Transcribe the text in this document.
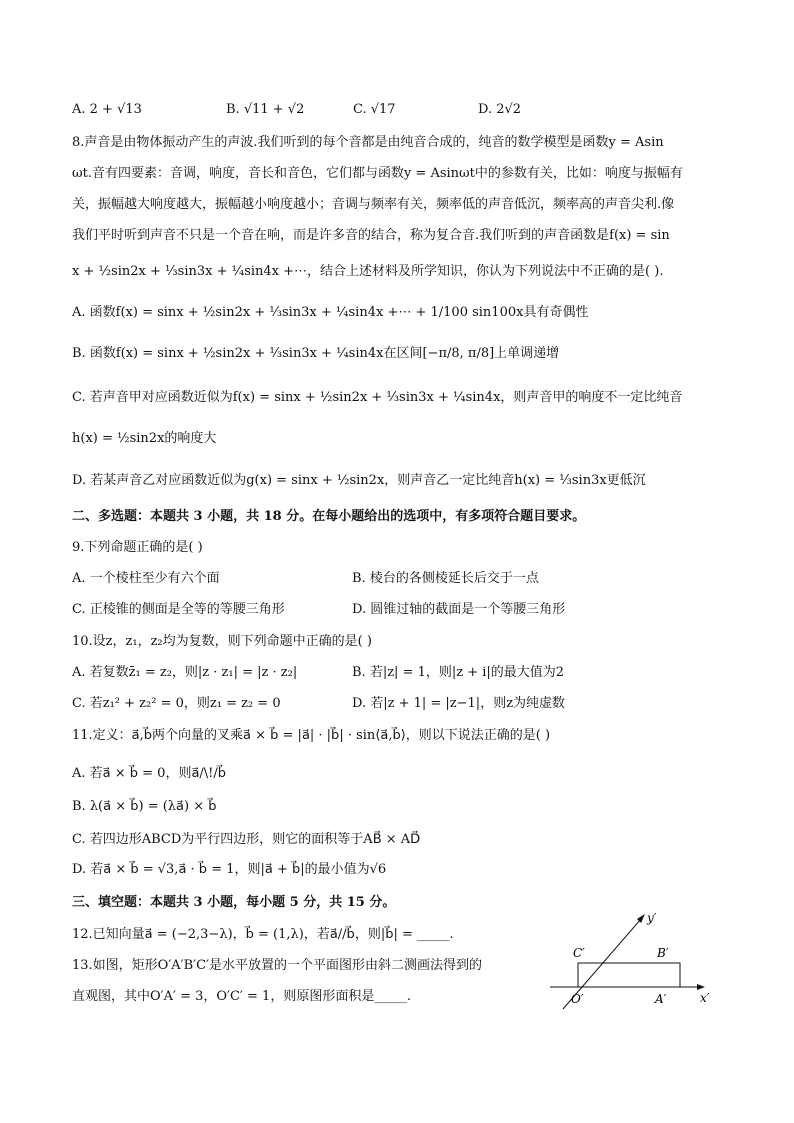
A. 2 + √13	B. √11 + √2	C. √17	D. 2√2
8.声音是由物体振动产生的声波.我们听到的每个音都是由纯音合成的，纯音的数学模型是函数y = Asin
ωt.音有四要素：音调，响度，音长和音色，它们都与函数y = Asinωt中的参数有关，比如：响度与振幅有
关，振幅越大响度越大，振幅越小响度越小；音调与频率有关，频率低的声音低沉，频率高的声音尖利.像
我们平时听到声音不只是一个音在响，而是许多音的结合，称为复合音.我们听到的声音函数是f(x) = sin
x + ½sin2x + ⅓sin3x + ¼sin4x +⋯，结合上述材料及所学知识，你认为下列说法中不正确的是( ).
A. 函数f(x) = sinx + ½sin2x + ⅓sin3x + ¼sin4x +⋯ + 1/100 sin100x具有奇偶性
B. 函数f(x) = sinx + ½sin2x + ⅓sin3x + ¼sin4x在区间[−π/8, π/8]上单调递增
C. 若声音甲对应函数近似为f(x) = sinx + ½sin2x + ⅓sin3x + ¼sin4x，则声音甲的响度不一定比纯音
h(x) = ½sin2x的响度大
D. 若某声音乙对应函数近似为g(x) = sinx + ½sin2x，则声音乙一定比纯音h(x) = ⅓sin3x更低沉
二、多选题：本题共 3 小题，共 18 分。在每小题给出的选项中，有多项符合题目要求。
9.下列命题正确的是( )
A. 一个棱柱至少有六个面	B. 棱台的各侧棱延长后交于一点
C. 正棱锥的侧面是全等的等腰三角形	D. 圆锥过轴的截面是一个等腰三角形
10.设z，z₁，z₂均为复数，则下列命题中正确的是( )
A. 若复数z̄₁ = z₂，则|z · z₁| = |z · z₂|	B. 若|z| = 1，则|z + i|的最大值为2
C. 若z₁² + z₂² = 0，则z₁ = z₂ = 0	D. 若|z + 1| = |z−1|，则z为纯虚数
11.定义：a⃗,b⃗两个向量的叉乘a⃗ × b⃗ = |a⃗| · |b⃗| · sin⟨a⃗,b⃗⟩，则以下说法正确的是( )
A. 若a⃗ × b⃗ = 0，则a⃗/\!/b⃗
B. λ(a⃗ × b⃗) = (λa⃗) × b⃗
C. 若四边形ABCD为平行四边形，则它的面积等于AB⃗ × AD⃗
D. 若a⃗ × b⃗ = √3,a⃗ · b⃗ = 1，则|a⃗ + b⃗|的最小值为√6
三、填空题：本题共 3 小题，每小题 5 分，共 15 分。
12.已知向量a⃗ = (−2,3−λ)，b⃗ = (1,λ)，若a⃗//b⃗，则|b⃗| = _____.
13.如图，矩形O′A′B′C′是水平放置的一个平面图形由斜二测画法得到的
直观图，其中O′A′ = 3，O′C′ = 1，则原图形面积是_____.
y′
x′
O′	A′
B′
C′
